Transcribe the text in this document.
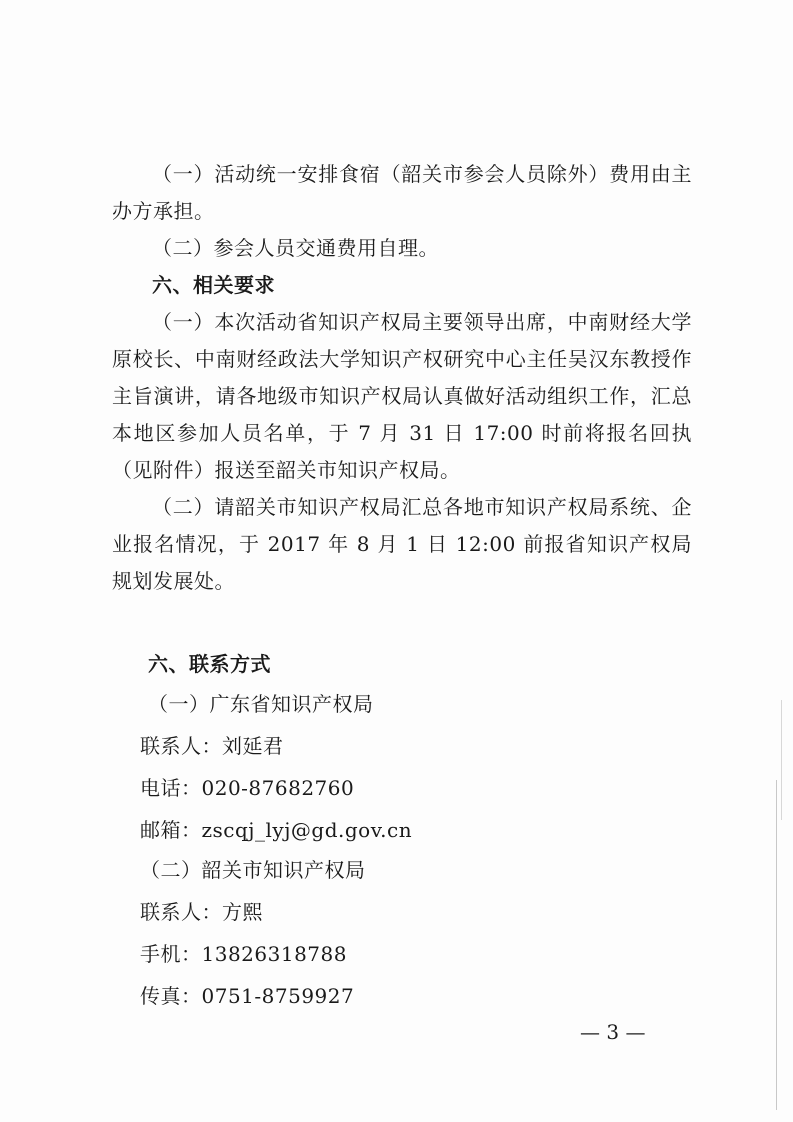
（一）活动统一安排食宿（韶关市参会人员除外）费用由主办方承担。

（二）参会人员交通费用自理。

六、相关要求

（一）本次活动省知识产权局主要领导出席，中南财经大学原校长、中南财经政法大学知识产权研究中心主任吴汉东教授作主旨演讲，请各地级市知识产权局认真做好活动组织工作，汇总本地区参加人员名单，于 7 月 31 日 17:00 时前将报名回执（见附件）报送至韶关市知识产权局。

（二）请韶关市知识产权局汇总各地市知识产权局系统、企业报名情况，于 2017 年 8 月 1 日 12:00 前报省知识产权局规划发展处。

六、联系方式
（一）广东省知识产权局
联系人：刘延君
电话：020-87682760
邮箱：zscqj_lyj@gd.gov.cn
（二）韶关市知识产权局
联系人：方熙
手机：13826318788
传真：0751-8759927
— 3 —
